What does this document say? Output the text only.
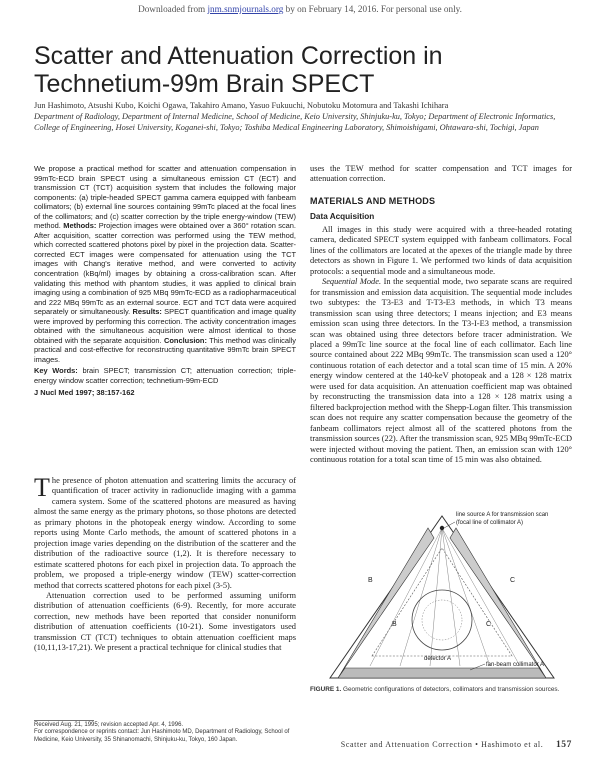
Downloaded from jnm.snmjournals.org by on February 14, 2016. For personal use only.
Scatter and Attenuation Correction in Technetium-99m Brain SPECT
Jun Hashimoto, Atsushi Kubo, Koichi Ogawa, Takahiro Amano, Yasuo Fukuuchi, Nobutoku Motomura and Takashi Ichihara
Department of Radiology, Department of Internal Medicine, School of Medicine, Keio University, Shinjuku-ku, Tokyo; Department of Electronic Informatics, College of Engineering, Hosei University, Koganei-shi, Tokyo; Toshiba Medical Engineering Laboratory, Shimoishigami, Ohtawara-shi, Tochigi, Japan
We propose a practical method for scatter and attenuation compensation in 99mTc-ECD brain SPECT using a simultaneous emission CT (ECT) and transmission CT (TCT) acquisition system that includes the following major components: (a) triple-headed SPECT gamma camera equipped with fanbeam collimators; (b) external line sources containing 99mTc placed at the focal lines of the collimators; and (c) scatter correction by the triple energy-window (TEW) method. Methods: Projection images were obtained over a 360° rotation scan. After acquisition, scatter correction was performed using the TEW method, which corrected scattered photons pixel by pixel in the projection data. Scatter-corrected ECT images were compensated for attenuation using the TCT images with Chang's iterative method, and were converted to activity concentration (kBq/ml) images by obtaining a cross-calibration scan. After validating this method with phantom studies, it was applied to clinical brain imaging using a combination of 925 MBq 99mTc-ECD as a radiopharmaceutical and 222 MBq 99mTc as an external source. ECT and TCT data were acquired separately or simultaneously. Results: SPECT quantification and image quality were improved by performing this correction. The activity concentration images obtained with the simultaneous acquisition were almost identical to those obtained with the separate acquisition. Conclusion: This method was clinically practical and cost-effective for reconstructing quantitative 99mTc brain SPECT images.
Key Words: brain SPECT; transmission CT; attenuation correction; triple-energy window scatter correction; technetium-99m-ECD
J Nucl Med 1997; 38:157-162

The presence of photon attenuation and scattering limits the accuracy of quantification of tracer activity in radionuclide imaging with a gamma camera system. Some of the scattered photons are measured as having almost the same energy as the primary photons, so those photons are detected as primary photons in the photopeak energy window. According to some reports using Monte Carlo methods, the amount of scattered photons in a projection image varies depending on the distribution of the scatterer and the distribution of the radioactive source (1,2). It is therefore necessary to estimate scattered photons for each pixel in projection data. To approach the problem, we proposed a triple-energy window (TEW) scatter-correction method that corrects scattered photons for each pixel (3-5).

Attenuation correction used to be performed assuming uniform distribution of attenuation coefficients (6-9). Recently, for more accurate correction, new methods have been reported that consider nonuniform distribution of attenuation coefficients (10-21). Some investigators used transmission CT (TCT) techniques to obtain attenuation coefficient maps (10,11,13-17,21). We present a practical technique for clinical studies that

Received Aug. 21, 1995; revision accepted Apr. 4, 1996.
For correspondence or reprints contact: Jun Hashimoto MD, Department of Radiology, School of Medicine, Keio University, 35 Shinanomachi, Shinjuku-ku, Tokyo, 160 Japan.
uses the TEW method for scatter compensation and TCT images for attenuation correction.
MATERIALS AND METHODS
Data Acquisition

All images in this study were acquired with a three-headed rotating camera, dedicated SPECT system equipped with fanbeam collimators. Focal lines of the collimators are located at the apexes of the triangle made by three detectors as shown in Figure 1. We performed two kinds of data acquisition protocols: a sequential mode and a simultaneous mode.

Sequential Mode. In the sequential mode, two separate scans are required for transmission and emission data acquisition. The sequential mode includes two subtypes: the T3-E3 and T-T3-E3 methods, in which T3 means transmission scan using three detectors; I means injection; and E3 means emission scan using three detectors. In the T3-I-E3 method, a transmission scan was obtained using three detectors before tracer administration. We placed a 99mTc line source at the focal line of each collimator. Each line source contained about 222 MBq 99mTc. The transmission scan used a 120° continuous rotation of each detector and a total scan time of 15 min. A 20% energy window centered at the 140-keV photopeak and a 128 × 128 matrix were used for data acquisition. An attenuation coefficient map was obtained by reconstructing the transmission data into a 128 × 128 matrix using a filtered backprojection method with the Shepp-Logan filter. This transmission scan does not require any scatter compensation because the geometry of the fanbeam collimators reject almost all of the scattered photons from the transmission sources (22). After the transmission scan, 925 MBq 99mTc-ECD were injected without moving the patient. Then, an emission scan with 120° continuous rotation for a total scan time of 15 min was also obtained.

line source A for transmission scan
(focal line of collimator A)
B	C
B	C
detector A
fan-beam collimator A
FIGURE 1. Geometric configurations of detectors, collimators and transmission sources.
Scatter and Attenuation Correction • Hashimoto et al. 157
